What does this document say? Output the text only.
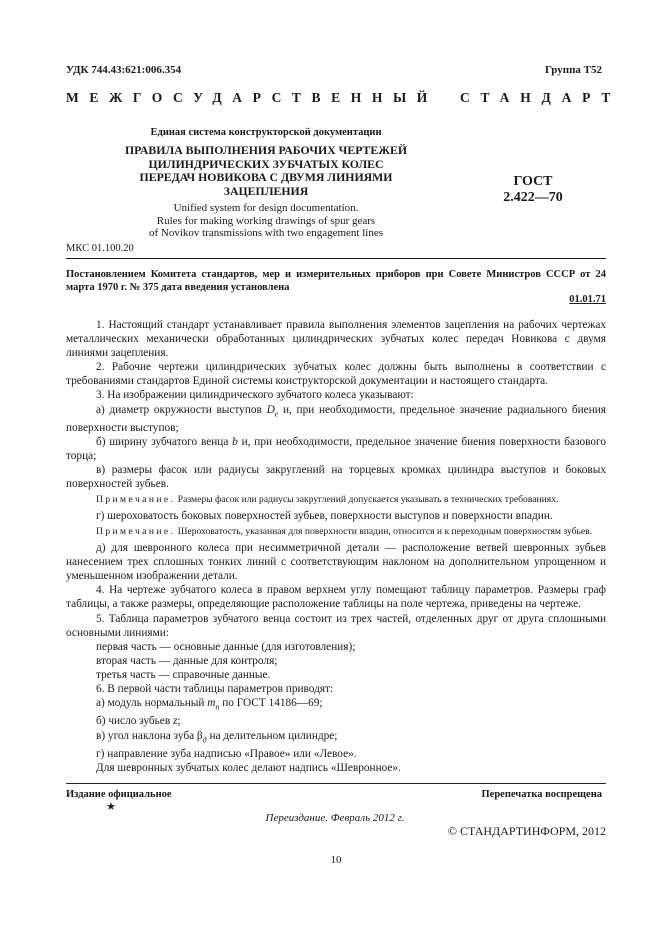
УДК 744.43:621:006.354	Группа Т52
МЕЖГОСУДАРСТВЕННЫЙ СТАНДАРТ
Единая система конструкторской документации
ПРАВИЛА ВЫПОЛНЕНИЯ РАБОЧИХ ЧЕРТЕЖЕЙ
ЦИЛИНДРИЧЕСКИХ ЗУБЧАТЫХ КОЛЕС
ПЕРЕДАЧ НОВИКОВА С ДВУМЯ ЛИНИЯМИ
ЗАЦЕПЛЕНИЯ
Unified system for design documentation.
Rules for making working drawings of spur gears
of Novikov transmissions with two engagement lines
ГОСТ
2.422—70
МКС 01.100.20
Постановлением Комитета стандартов, мер и измерительных приборов при Совете Министров СССР от 24 марта 1970 г. № 375 дата введения установлена
01.01.71

1. Настоящий стандарт устанавливает правила выполнения элементов зацепления на рабочих чертежах металлических механически обработанных цилиндрических зубчатых колес передач Новикова с двумя линиями зацепления.

2. Рабочие чертежи цилиндрических зубчатых колес должны быть выполнены в соответствии с требованиями стандартов Единой системы конструкторской документации и настоящего стандарта.

3. На изображении цилиндрического зубчатого колеса указывают:

а) диаметр окружности выступов $D_e$ и, при необходимости, предельное значение радиального биения поверхности выступов;

б) ширину зубчатого венца b и, при необходимости, предельное значение биения поверхности базового торца;

в) размеры фасок или радиусы закруглений на торцевых кромках цилиндра выступов и боковых поверхностей зубьев.

Примечание. Размеры фасок или радиусы закруглений допускается указывать в технических требованиях.

г) шероховатость боковых поверхностей зубьев, поверхности выступов и поверхности впадин.

Примечание. Шероховатость, указанная для поверхности впадин, относится и к переходным поверхностям зубьев.

д) для шевронного колеса при несимметричной детали — расположение ветвей шевронных зубьев нанесением трех сплошных тонких линий с соответствующим наклоном на дополнительном упрощенном и уменьшенном изображении детали.

4. На чертеже зубчатого колеса в правом верхнем углу помещают таблицу параметров. Размеры граф таблицы, а также размеры, определяющие расположение таблицы на поле чертежа, приведены на чертеже.

5. Таблица параметров зубчатого венца состоит из трех частей, отделенных друг от друга сплошными основными линиями:

первая часть — основные данные (для изготовления);

вторая часть — данные для контроля;

третья часть — справочные данные.

6. В первой части таблицы параметров приводят:

а) модуль нормальный $m_n$ по ГОСТ 14186—69;

б) число зубьев z;

в) угол наклона зуба $\beta_д$ на делительном цилиндре;

г) направление зуба надписью «Правое» или «Левое».

Для шевронных зубчатых колес делают надпись «Шевронное».

Издание официальное	Перепечатка воспрещена
★
Переиздание. Февраль 2012 г.
© СТАНДАРТИНФОРМ, 2012
10
